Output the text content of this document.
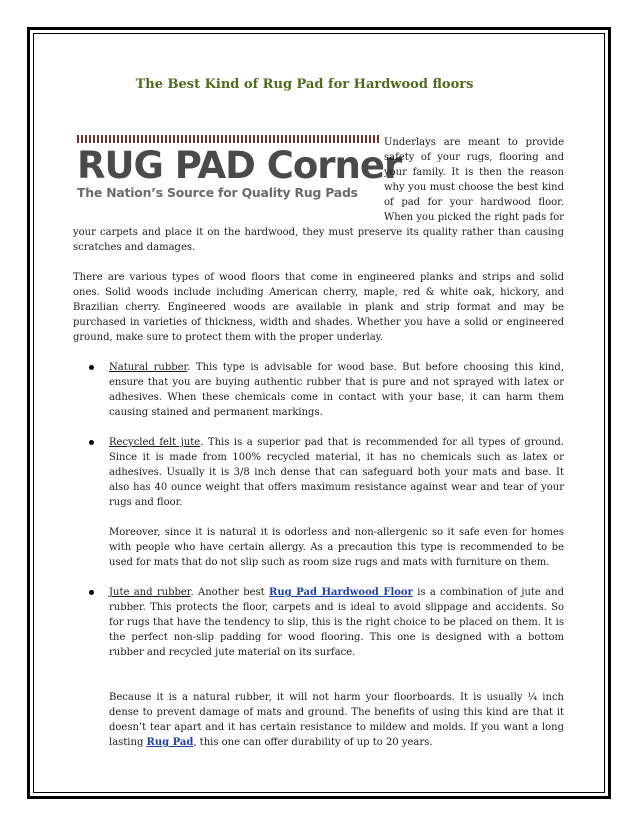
The Best Kind of Rug Pad for Hardwood floors
RUG PAD Corner
The Nation’s Source for Quality Rug Pads

Underlays are meant to provide safety of your rugs, flooring and your family. It is then the reason why you must choose the best kind of pad for your hardwood floor. When you picked the right pads for your carpets and place it on the hardwood, they must preserve its quality rather than causing scratches and damages.

There are various types of wood floors that come in engineered planks and strips and solid ones. Solid woods include including American cherry, maple, red & white oak, hickory, and Brazilian cherry. Engineered woods are available in plank and strip format and may be purchased in varieties of thickness, width and shades. Whether you have a solid or engineered ground, make sure to protect them with the proper underlay.

Natural rubber. This type is advisable for wood base. But before choosing this kind, ensure that you are buying authentic rubber that is pure and not sprayed with latex or adhesives. When these chemicals come in contact with your base, it can harm them causing stained and permanent markings.
Recycled felt jute. This is a superior pad that is recommended for all types of ground. Since it is made from 100% recycled material, it has no chemicals such as latex or adhesives. Usually it is 3/8 inch dense that can safeguard both your mats and base. It also has 40 ounce weight that offers maximum resistance against wear and tear of your rugs and floor.
Moreover, since it is natural it is odorless and non-allergenic so it safe even for homes with people who have certain allergy. As a precaution this type is recommended to be used for mats that do not slip such as room size rugs and mats with furniture on them.
Jute and rubber. Another best Rug Pad Hardwood Floor is a combination of jute and rubber. This protects the floor, carpets and is ideal to avoid slippage and accidents. So for rugs that have the tendency to slip, this is the right choice to be placed on them. It is the perfect non-slip padding for wood flooring. This one is designed with a bottom rubber and recycled jute material on its surface.

Because it is a natural rubber, it will not harm your floorboards. It is usually ¼ inch dense to prevent damage of mats and ground. The benefits of using this kind are that it doesn’t tear apart and it has certain resistance to mildew and molds. If you want a long lasting Rug Pad, this one can offer durability of up to 20 years.
